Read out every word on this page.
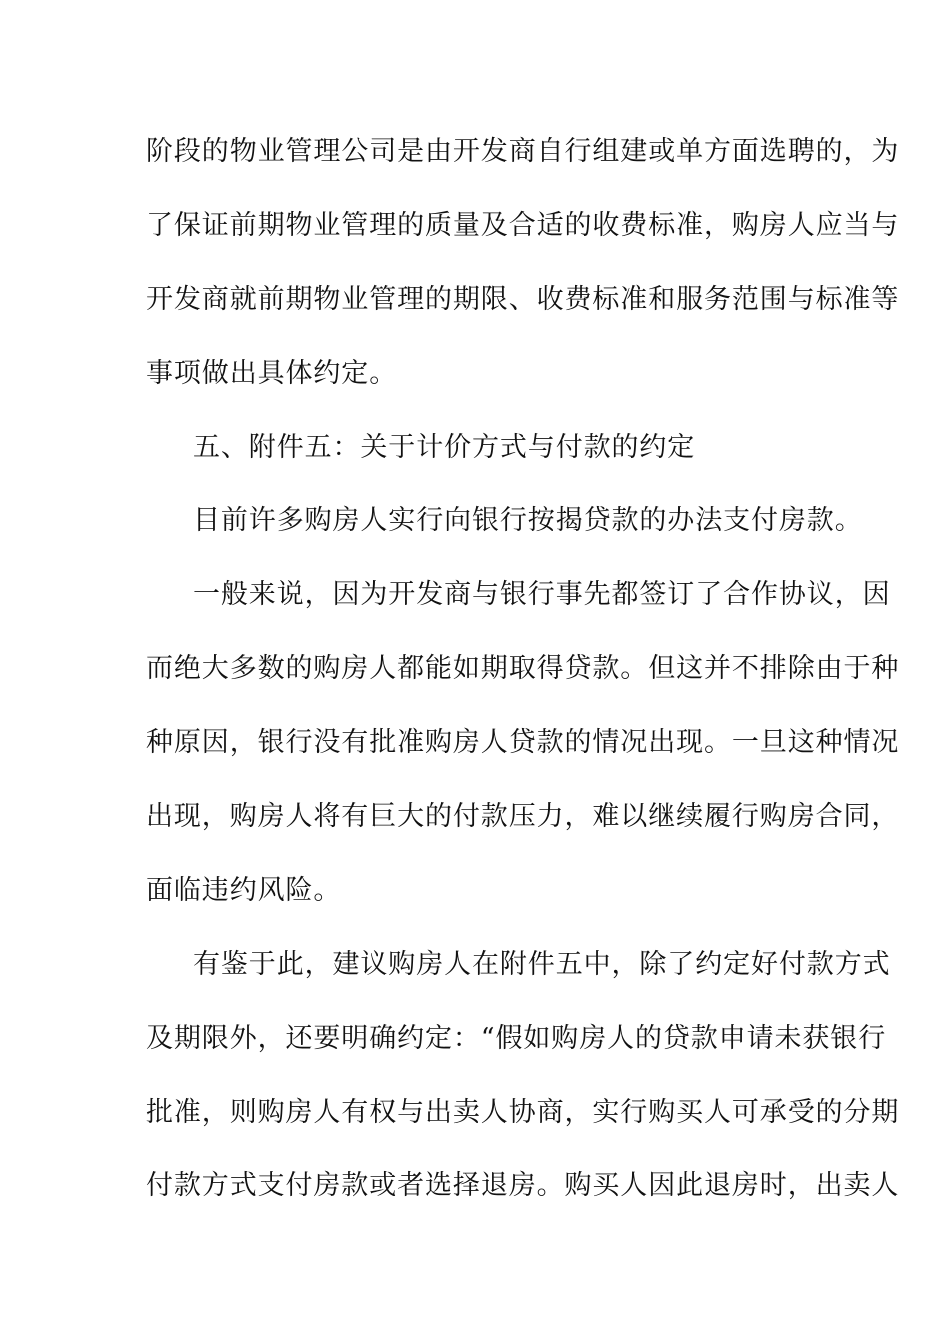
阶段的物业管理公司是由开发商自行组建或单方面选聘的，为
了保证前期物业管理的质量及合适的收费标准，购房人应当与
开发商就前期物业管理的期限、收费标准和服务范围与标准等
事项做出具体约定。
五、附件五：关于计价方式与付款的约定
目前许多购房人实行向银行按揭贷款的办法支付房款。
一般来说，因为开发商与银行事先都签订了合作协议，因
而绝大多数的购房人都能如期取得贷款。但这并不排除由于种
种原因，银行没有批准购房人贷款的情况出现。一旦这种情况
出现，购房人将有巨大的付款压力，难以继续履行购房合同，
面临违约风险。
有鉴于此，建议购房人在附件五中，除了约定好付款方式
及期限外，还要明确约定：“假如购房人的贷款申请未获银行
批准，则购房人有权与出卖人协商，实行购买人可承受的分期
付款方式支付房款或者选择退房。购买人因此退房时，出卖人
